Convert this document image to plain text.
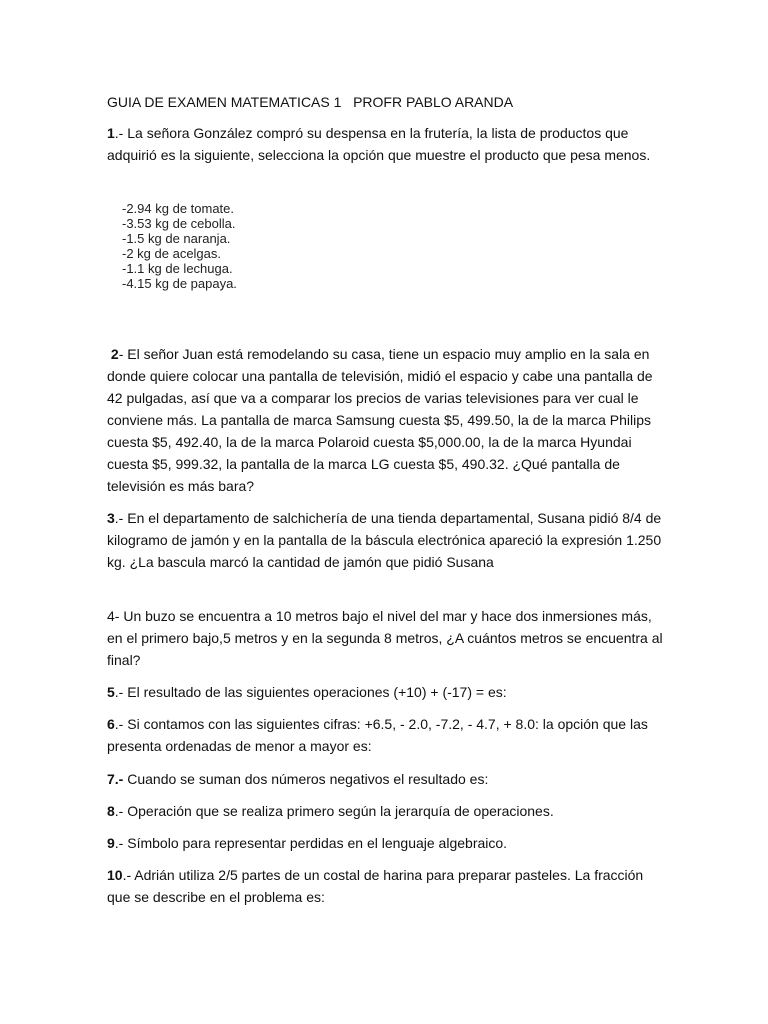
GUIA DE EXAMEN MATEMATICAS 1   PROFR PABLO ARANDA

1.- La señora González compró su despensa en la frutería, la lista de productos que adquirió es la siguiente, selecciona la opción que muestre el producto que pesa menos.

-2.94 kg de tomate.
-3.53 kg de cebolla.
-1.5 kg de naranja.
-2 kg de acelgas.
-1.1 kg de lechuga.
-4.15 kg de papaya.

2- El señor Juan está remodelando su casa, tiene un espacio muy amplio en la sala en donde quiere colocar una pantalla de televisión, midió el espacio y cabe una pantalla de 42 pulgadas, así que va a comparar los precios de varias televisiones para ver cual le conviene más. La pantalla de marca Samsung cuesta $5, 499.50, la de la marca Philips cuesta $5, 492.40, la de la marca Polaroid cuesta $5,000.00, la de la marca Hyundai cuesta $5, 999.32, la pantalla de la marca LG cuesta $5, 490.32. ¿Qué pantalla de televisión es más bara?

3.- En el departamento de salchichería de una tienda departamental, Susana pidió 8/4 de kilogramo de jamón y en la pantalla de la báscula electrónica apareció la expresión 1.250 kg. ¿La bascula marcó la cantidad de jamón que pidió Susana

4- Un buzo se encuentra a 10 metros bajo el nivel del mar y hace dos inmersiones más, en el primero bajo,5 metros y en la segunda 8 metros, ¿A cuántos metros se encuentra al final?

5.- El resultado de las siguientes operaciones (+10) + (-17) = es:

6.- Si contamos con las siguientes cifras: +6.5, - 2.0, -7.2, - 4.7, + 8.0: la opción que las presenta ordenadas de menor a mayor es:

7.- Cuando se suman dos números negativos el resultado es:

8.- Operación que se realiza primero según la jerarquía de operaciones.

9.- Símbolo para representar perdidas en el lenguaje algebraico.

10.- Adrián utiliza 2/5 partes de un costal de harina para preparar pasteles. La fracción que se describe en el problema es:
